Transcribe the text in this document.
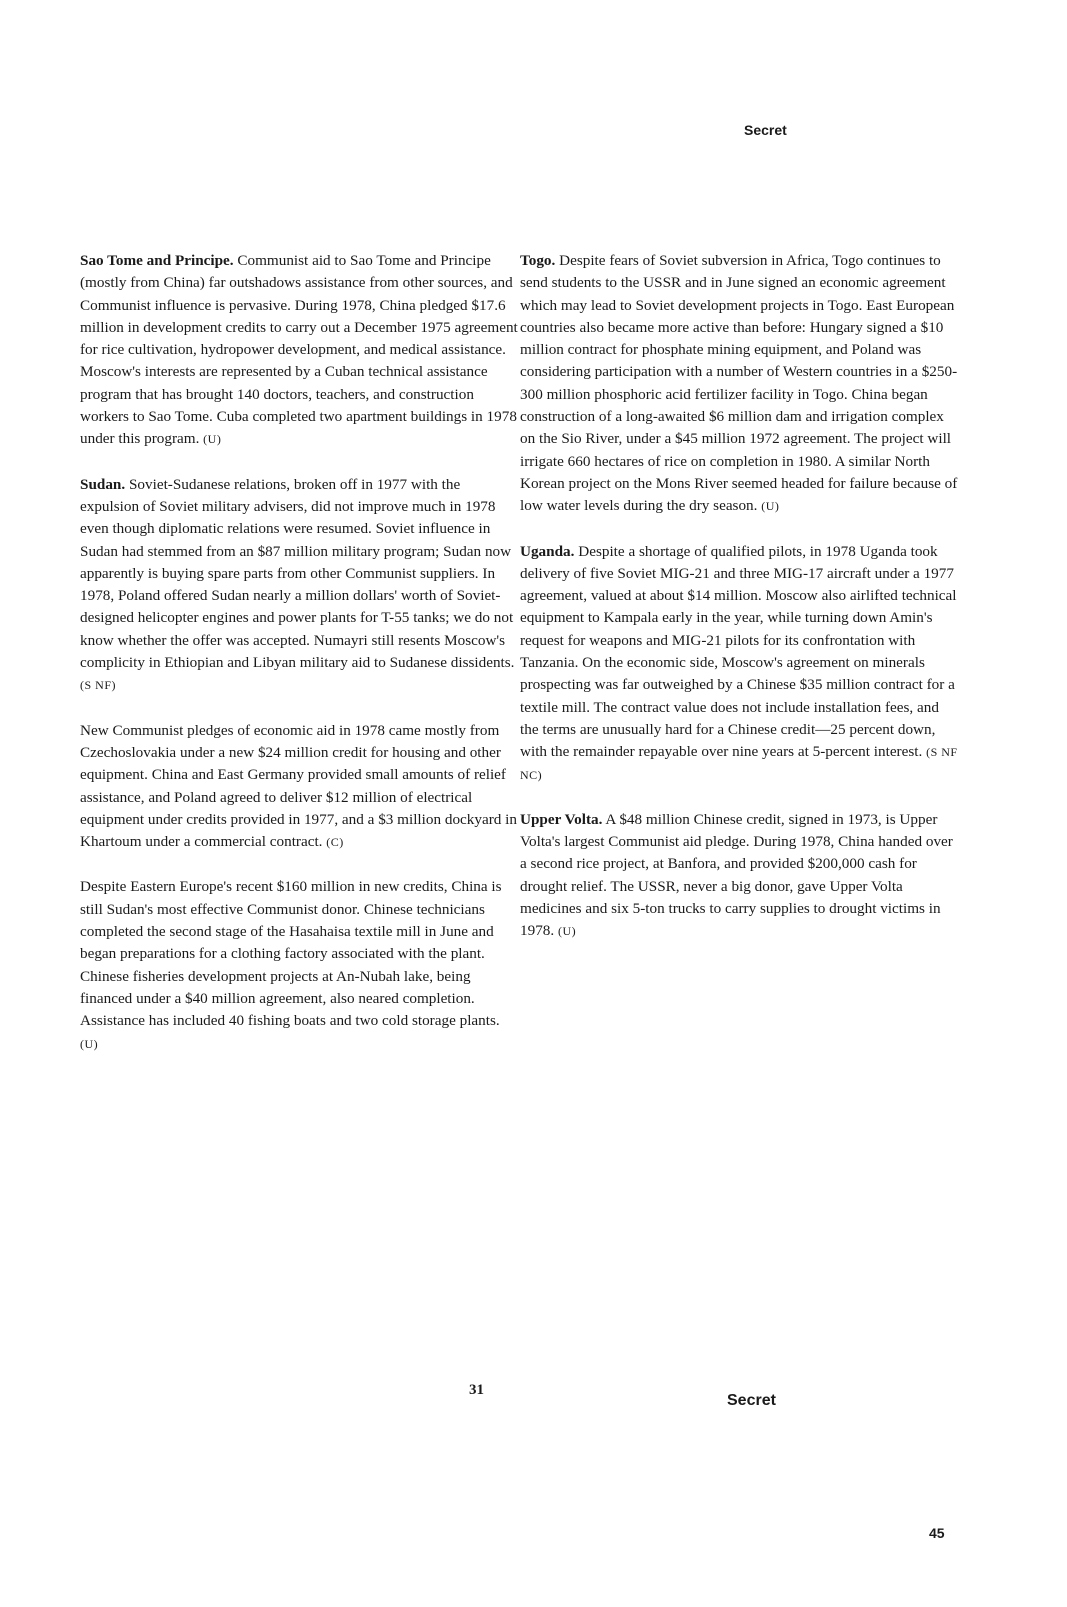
Secret

Sao Tome and Principe. Communist aid to Sao Tome and Principe (mostly from China) far outshadows assistance from other sources, and Communist influence is pervasive. During 1978, China pledged $17.6 million in development credits to carry out a December 1975 agreement for rice cultivation, hydropower development, and medical assistance. Moscow's interests are represented by a Cuban technical assistance program that has brought 140 doctors, teachers, and construction workers to Sao Tome. Cuba completed two apartment buildings in 1978 under this program. (U)

Sudan. Soviet-Sudanese relations, broken off in 1977 with the expulsion of Soviet military advisers, did not improve much in 1978 even though diplomatic relations were resumed. Soviet influence in Sudan had stemmed from an $87 million military program; Sudan now apparently is buying spare parts from other Communist suppliers. In 1978, Poland offered Sudan nearly a million dollars' worth of Soviet-designed helicopter engines and power plants for T-55 tanks; we do not know whether the offer was accepted. Numayri still resents Moscow's complicity in Ethiopian and Libyan military aid to Sudanese dissidents. (S NF)

New Communist pledges of economic aid in 1978 came mostly from Czechoslovakia under a new $24 million credit for housing and other equipment. China and East Germany provided small amounts of relief assistance, and Poland agreed to deliver $12 million of electrical equipment under credits provided in 1977, and a $3 million dockyard in Khartoum under a commercial contract. (C)

Despite Eastern Europe's recent $160 million in new credits, China is still Sudan's most effective Communist donor. Chinese technicians completed the second stage of the Hasahaisa textile mill in June and began preparations for a clothing factory associated with the plant. Chinese fisheries development projects at An-Nubah lake, being financed under a $40 million agreement, also neared completion. Assistance has included 40 fishing boats and two cold storage plants. (U)

Togo. Despite fears of Soviet subversion in Africa, Togo continues to send students to the USSR and in June signed an economic agreement which may lead to Soviet development projects in Togo. East European countries also became more active than before: Hungary signed a $10 million contract for phosphate mining equipment, and Poland was considering participation with a number of Western countries in a $250-300 million phosphoric acid fertilizer facility in Togo. China began construction of a long-awaited $6 million dam and irrigation complex on the Sio River, under a $45 million 1972 agreement. The project will irrigate 660 hectares of rice on completion in 1980. A similar North Korean project on the Mons River seemed headed for failure because of low water levels during the dry season. (U)

Uganda. Despite a shortage of qualified pilots, in 1978 Uganda took delivery of five Soviet MIG-21 and three MIG-17 aircraft under a 1977 agreement, valued at about $14 million. Moscow also airlifted technical equipment to Kampala early in the year, while turning down Amin's request for weapons and MIG-21 pilots for its confrontation with Tanzania. On the economic side, Moscow's agreement on minerals prospecting was far outweighed by a Chinese $35 million contract for a textile mill. The contract value does not include installation fees, and the terms are unusually hard for a Chinese credit—25 percent down, with the remainder repayable over nine years at 5-percent interest. (S NF NC)

Upper Volta. A $48 million Chinese credit, signed in 1973, is Upper Volta's largest Communist aid pledge. During 1978, China handed over a second rice project, at Banfora, and provided $200,000 cash for drought relief. The USSR, never a big donor, gave Upper Volta medicines and six 5-ton trucks to carry supplies to drought victims in 1978. (U)

31
Secret
45
